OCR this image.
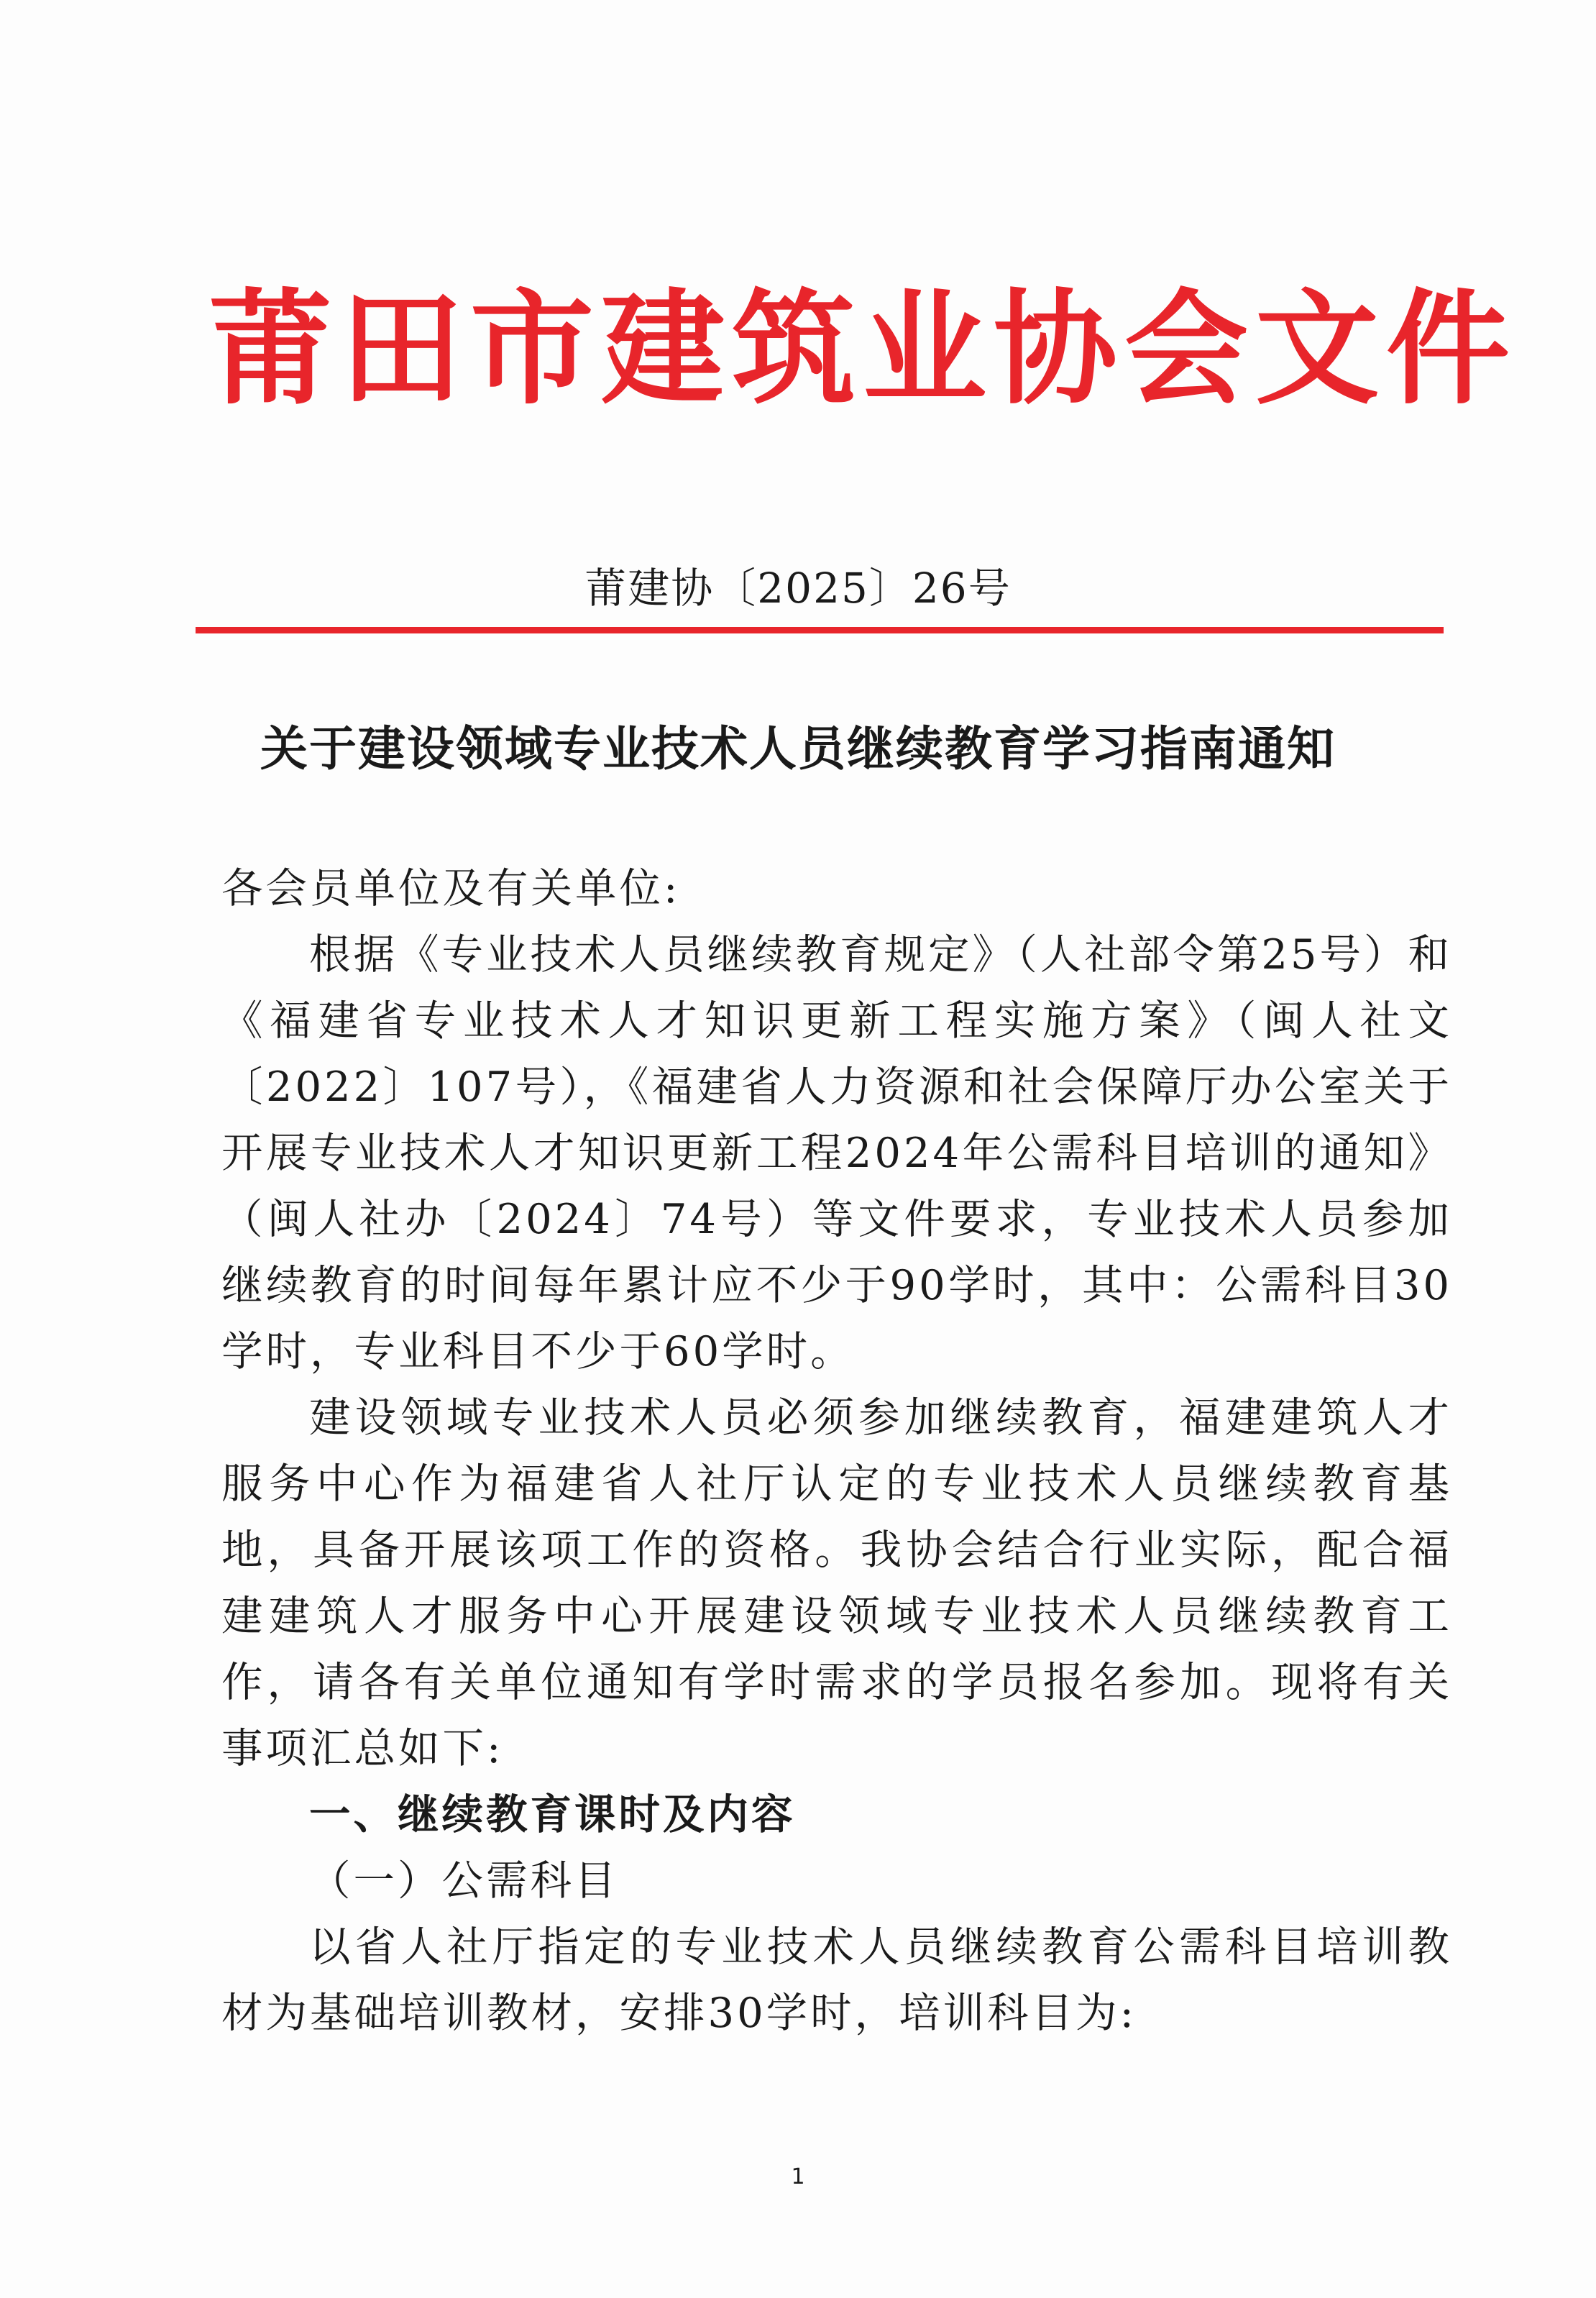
莆田市建筑业协会文件
莆建协〔2025〕26号
关于建设领域专业技术人员继续教育学习指南通知

各会员单位及有关单位:

根据《专业技术人员继续教育规定》（人社部令第25号）和《福建省专业技术人才知识更新工程实施方案》（闽人社文〔2022〕107号），《福建省人力资源和社会保障厅办公室关于开展专业技术人才知识更新工程2024年公需科目培训的通知》（闽人社办〔2024〕74号）等文件要求，专业技术人员参加继续教育的时间每年累计应不少于90学时，其中：公需科目30学时，专业科目不少于60学时。

建设领域专业技术人员必须参加继续教育，福建建筑人才服务中心作为福建省人社厅认定的专业技术人员继续教育基地，具备开展该项工作的资格。我协会结合行业实际，配合福建建筑人才服务中心开展建设领域专业技术人员继续教育工作，请各有关单位通知有学时需求的学员报名参加。现将有关事项汇总如下:

一、继续教育课时及内容

（一）公需科目

以省人社厅指定的专业技术人员继续教育公需科目培训教材为基础培训教材，安排30学时，培训科目为:

1
